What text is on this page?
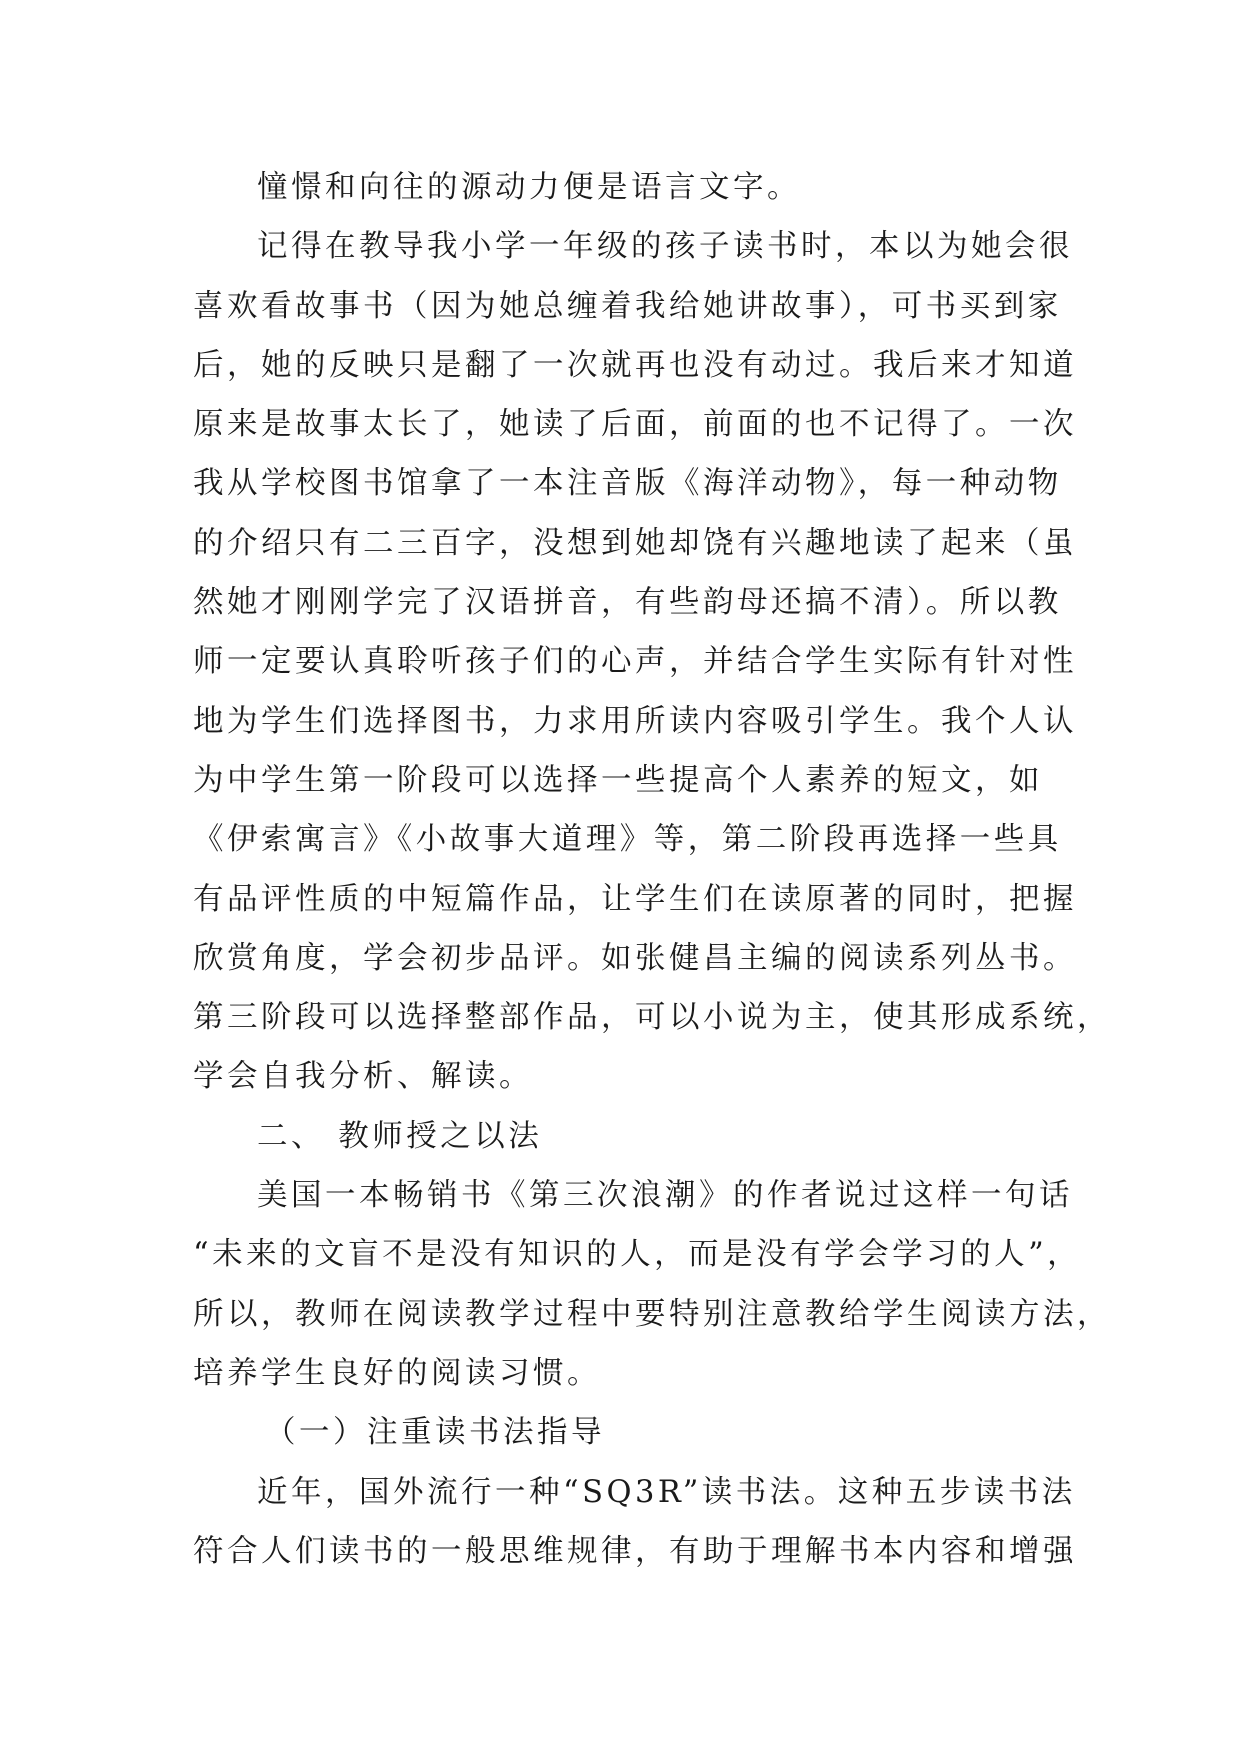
憧憬和向往的源动力便是语言文字。
记得在教导我小学一年级的孩子读书时，本以为她会很
喜欢看故事书（因为她总缠着我给她讲故事），可书买到家
后，她的反映只是翻了一次就再也没有动过。我后来才知道
原来是故事太长了，她读了后面，前面的也不记得了。一次
我从学校图书馆拿了一本注音版《海洋动物》，每一种动物
的介绍只有二三百字，没想到她却饶有兴趣地读了起来（虽
然她才刚刚学完了汉语拼音，有些韵母还搞不清）。所以教
师一定要认真聆听孩子们的心声，并结合学生实际有针对性
地为学生们选择图书，力求用所读内容吸引学生。我个人认
为中学生第一阶段可以选择一些提高个人素养的短文，如
《伊索寓言》《小故事大道理》等，第二阶段再选择一些具
有品评性质的中短篇作品，让学生们在读原著的同时，把握
欣赏角度，学会初步品评。如张健昌主编的阅读系列丛书。
第三阶段可以选择整部作品，可以小说为主，使其形成系统，
学会自我分析、解读。
二、 教师授之以法
美国一本畅销书《第三次浪潮》的作者说过这样一句话
“未来的文盲不是没有知识的人，而是没有学会学习的人”，
所以，教师在阅读教学过程中要特别注意教给学生阅读方法，
培养学生良好的阅读习惯。
（一）注重读书法指导
近年，国外流行一种“SQ3R”读书法。这种五步读书法
符合人们读书的一般思维规律，有助于理解书本内容和增强
